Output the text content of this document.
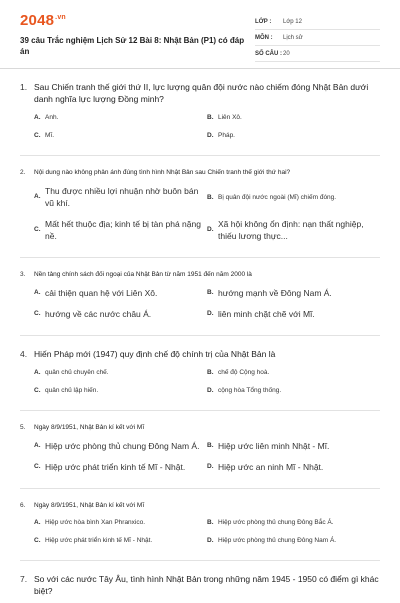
$2048^{.vn}$
39 câu Trắc nghiệm Lịch Sử 12 Bài 8: Nhật Bản (P1) có đáp án
LỚP :	Lớp 12
MÔN :	Lịch sử
SỐ CÂU : 20
1. Sau Chiến tranh thế giới thứ II, lực lượng quân đội nước nào chiếm đóng Nhật Bản dưới danh nghĩa lực lượng Đồng minh?
A. Anh.	B. Liên Xô.
C. Mĩ.	D. Pháp.
2.	Nội dung nào không phản ánh đúng tình hình Nhật Bản sau Chiến tranh thế giới thứ hai?
A.
Thu được nhiều lợi nhuận nhờ buôn bán vũ khí.
B. Bị quân đội nước ngoài (Mĩ) chiếm đóng.
C.
Mất hết thuộc địa; kinh tế bị tàn phá nặng nề.
D.
Xã hội không ổn định: nạn thất nghiệp, thiếu lương thực...
3.	Nền tảng chính sách đối ngoại của Nhật Bản từ năm 1951 đến năm 2000 là
A. cải thiện quan hệ với Liên Xô.	B. hướng mạnh về Đông Nam Á.
C. hướng về các nước châu Á.	D. liên minh chặt chẽ với Mĩ.
4. Hiến Pháp mới (1947) quy định chế độ chính trị của Nhật Bản là
A. quân chủ chuyên chế.	B. chế độ Cộng hoà.
C. quân chủ lập hiến.	D. cộng hòa Tổng thống.
5.	Ngày 8/9/1951, Nhật Bản kí kết với Mĩ
A. Hiệp ước phòng thủ chung Đông Nam Á. B. Hiệp ước liên minh Nhật - Mĩ.
C. Hiệp ước phát triển kinh tế Mĩ - Nhật.	D. Hiệp ước an ninh Mĩ - Nhật.
6.	Ngày 8/9/1951, Nhật Bản kí kết với Mĩ
A. Hiệp ước hòa bình Xan Phranxico.	B. Hiệp ước phòng thủ chung Đông Bắc Á.
C. Hiệp ước phát triển kinh tế Mĩ - Nhật.	D. Hiệp ước phòng thủ chung Đông Nam Á.
7. So với các nước Tây Âu, tình hình Nhật Bản trong những năm 1945 - 1950 có điểm gì khác biệt?
